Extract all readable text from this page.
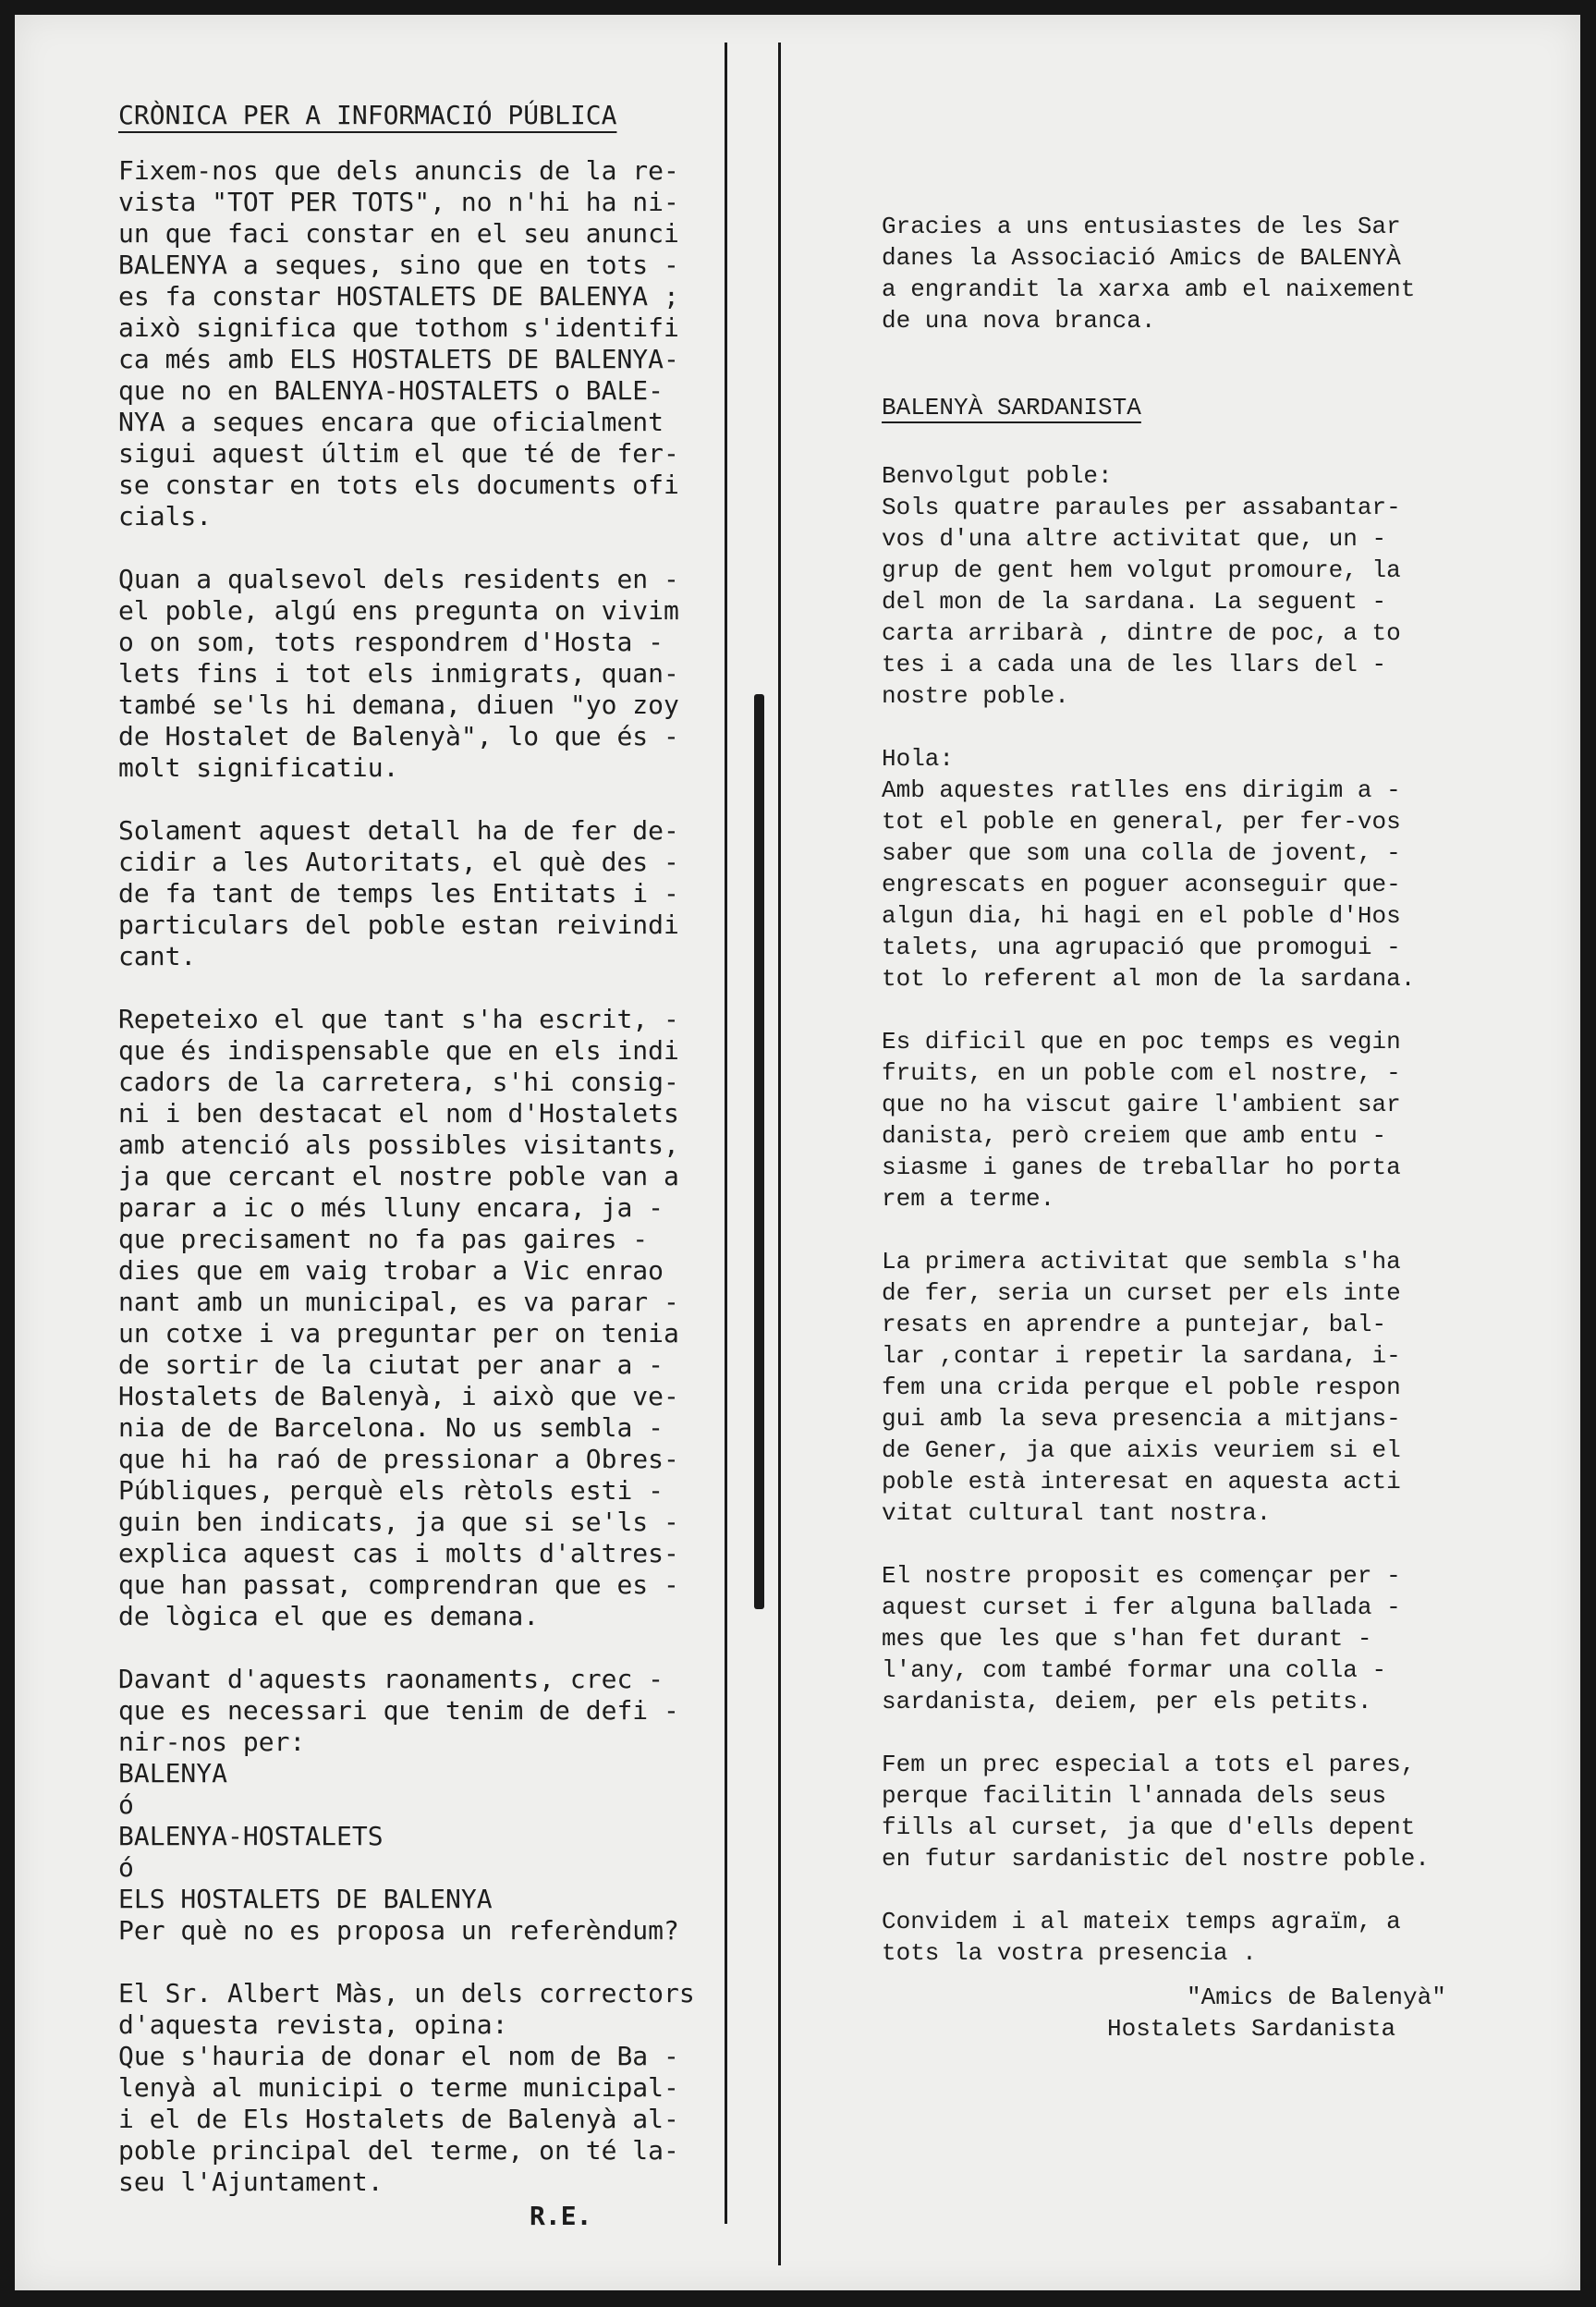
CRÒNICA PER A INFORMACIÓ PÚBLICA

Fixem-nos que dels anuncis de la re-
vista "TOT PER TOTS", no n'hi ha ni-
un que faci constar en el seu anunci
BALENYA a seques, sino que en tots -
es fa constar HOSTALETS DE BALENYA ;
això significa que tothom s'identifi
ca més amb ELS HOSTALETS DE BALENYA-
que no en BALENYA-HOSTALETS o BALE-
NYA a seques encara que oficialment
sigui aquest últim el que té de fer-
se constar en tots els documents ofi
cials.

Quan a qualsevol dels residents en -
el poble, algú ens pregunta on vivim
o on som, tots respondrem d'Hosta -
lets fins i tot els inmigrats, quan-
també se'ls hi demana, diuen "yo zoy
de Hostalet de Balenyà", lo que és -
molt significatiu.

Solament aquest detall ha de fer de-
cidir a les Autoritats, el què des -
de fa tant de temps les Entitats i -
particulars del poble estan reivindi
cant.

Repeteixo el que tant s'ha escrit, -
que és indispensable que en els indi
cadors de la carretera, s'hi consig-
ni i ben destacat el nom d'Hostalets
amb atenció als possibles visitants,
ja que cercant el nostre poble van a
parar a ic o més lluny encara, ja -
que precisament no fa pas gaires -
dies que em vaig trobar a Vic enrao
nant amb un municipal, es va parar -
un cotxe i va preguntar per on tenia
de sortir de la ciutat per anar a -
Hostalets de Balenyà, i això que ve-
nia de de Barcelona. No us sembla -
que hi ha raó de pressionar a Obres-
Públiques, perquè els rètols esti -
guin ben indicats, ja que si se'ls -
explica aquest cas i molts d'altres-
que han passat, comprendran que es -
de lògica el que es demana.

Davant d'aquests raonaments, crec -
que es necessari que tenim de defi -
nir-nos per:
BALENYA
ó
BALENYA-HOSTALETS
ó
ELS HOSTALETS DE BALENYA
Per què no es proposa un referèndum?

El Sr. Albert Màs, un dels correctors
d'aquesta revista, opina:
Que s'hauria de donar el nom de Ba -
lenyà al municipi o terme municipal-
i el de Els Hostalets de Balenyà al-
poble principal del terme, on té la-
seu l'Ajuntament.

R.E.

Gracies a uns entusiastes de les Sar
danes la Associació Amics de BALENYÀ
a engrandit la xarxa amb el naixement
de una nova branca.

BALENYÀ SARDANISTA

Benvolgut poble:
Sols quatre paraules per assabantar-
vos d'una altre activitat que, un -
grup de gent hem volgut promoure, la
del mon de la sardana. La seguent -
carta arribarà , dintre de poc, a to
tes i a cada una de les llars del -
nostre poble.

Hola:
Amb aquestes ratlles ens dirigim a -
tot el poble en general, per fer-vos
saber que som una colla de jovent, -
engrescats en poguer aconseguir que-
algun dia, hi hagi en el poble d'Hos
talets, una agrupació que promogui -
tot lo referent al mon de la sardana.

Es dificil que en poc temps es vegin
fruits, en un poble com el nostre, -
que no ha viscut gaire l'ambient sar
danista, però creiem que amb entu -
siasme i ganes de treballar ho porta
rem a terme.

La primera activitat que sembla s'ha
de fer, seria un curset per els inte
resats en aprendre a puntejar, bal-
lar ,contar i repetir la sardana, i-
fem una crida perque el poble respon
gui amb la seva presencia a mitjans-
de Gener, ja que aixis veuriem si el
poble està interesat en aquesta acti
vitat cultural tant nostra.

El nostre proposit es començar per -
aquest curset i fer alguna ballada -
mes que les que s'han fet durant -
l'any, com també formar una colla -
sardanista, deiem, per els petits.

Fem un prec especial a tots el pares,
perque facilitin l'annada dels seus
fills al curset, ja que d'ells depent
en futur sardanistic del nostre poble.

Convidem i al mateix temps agraïm, a
tots la vostra presencia .

"Amics de Balenyà"
Hostalets Sardanista
